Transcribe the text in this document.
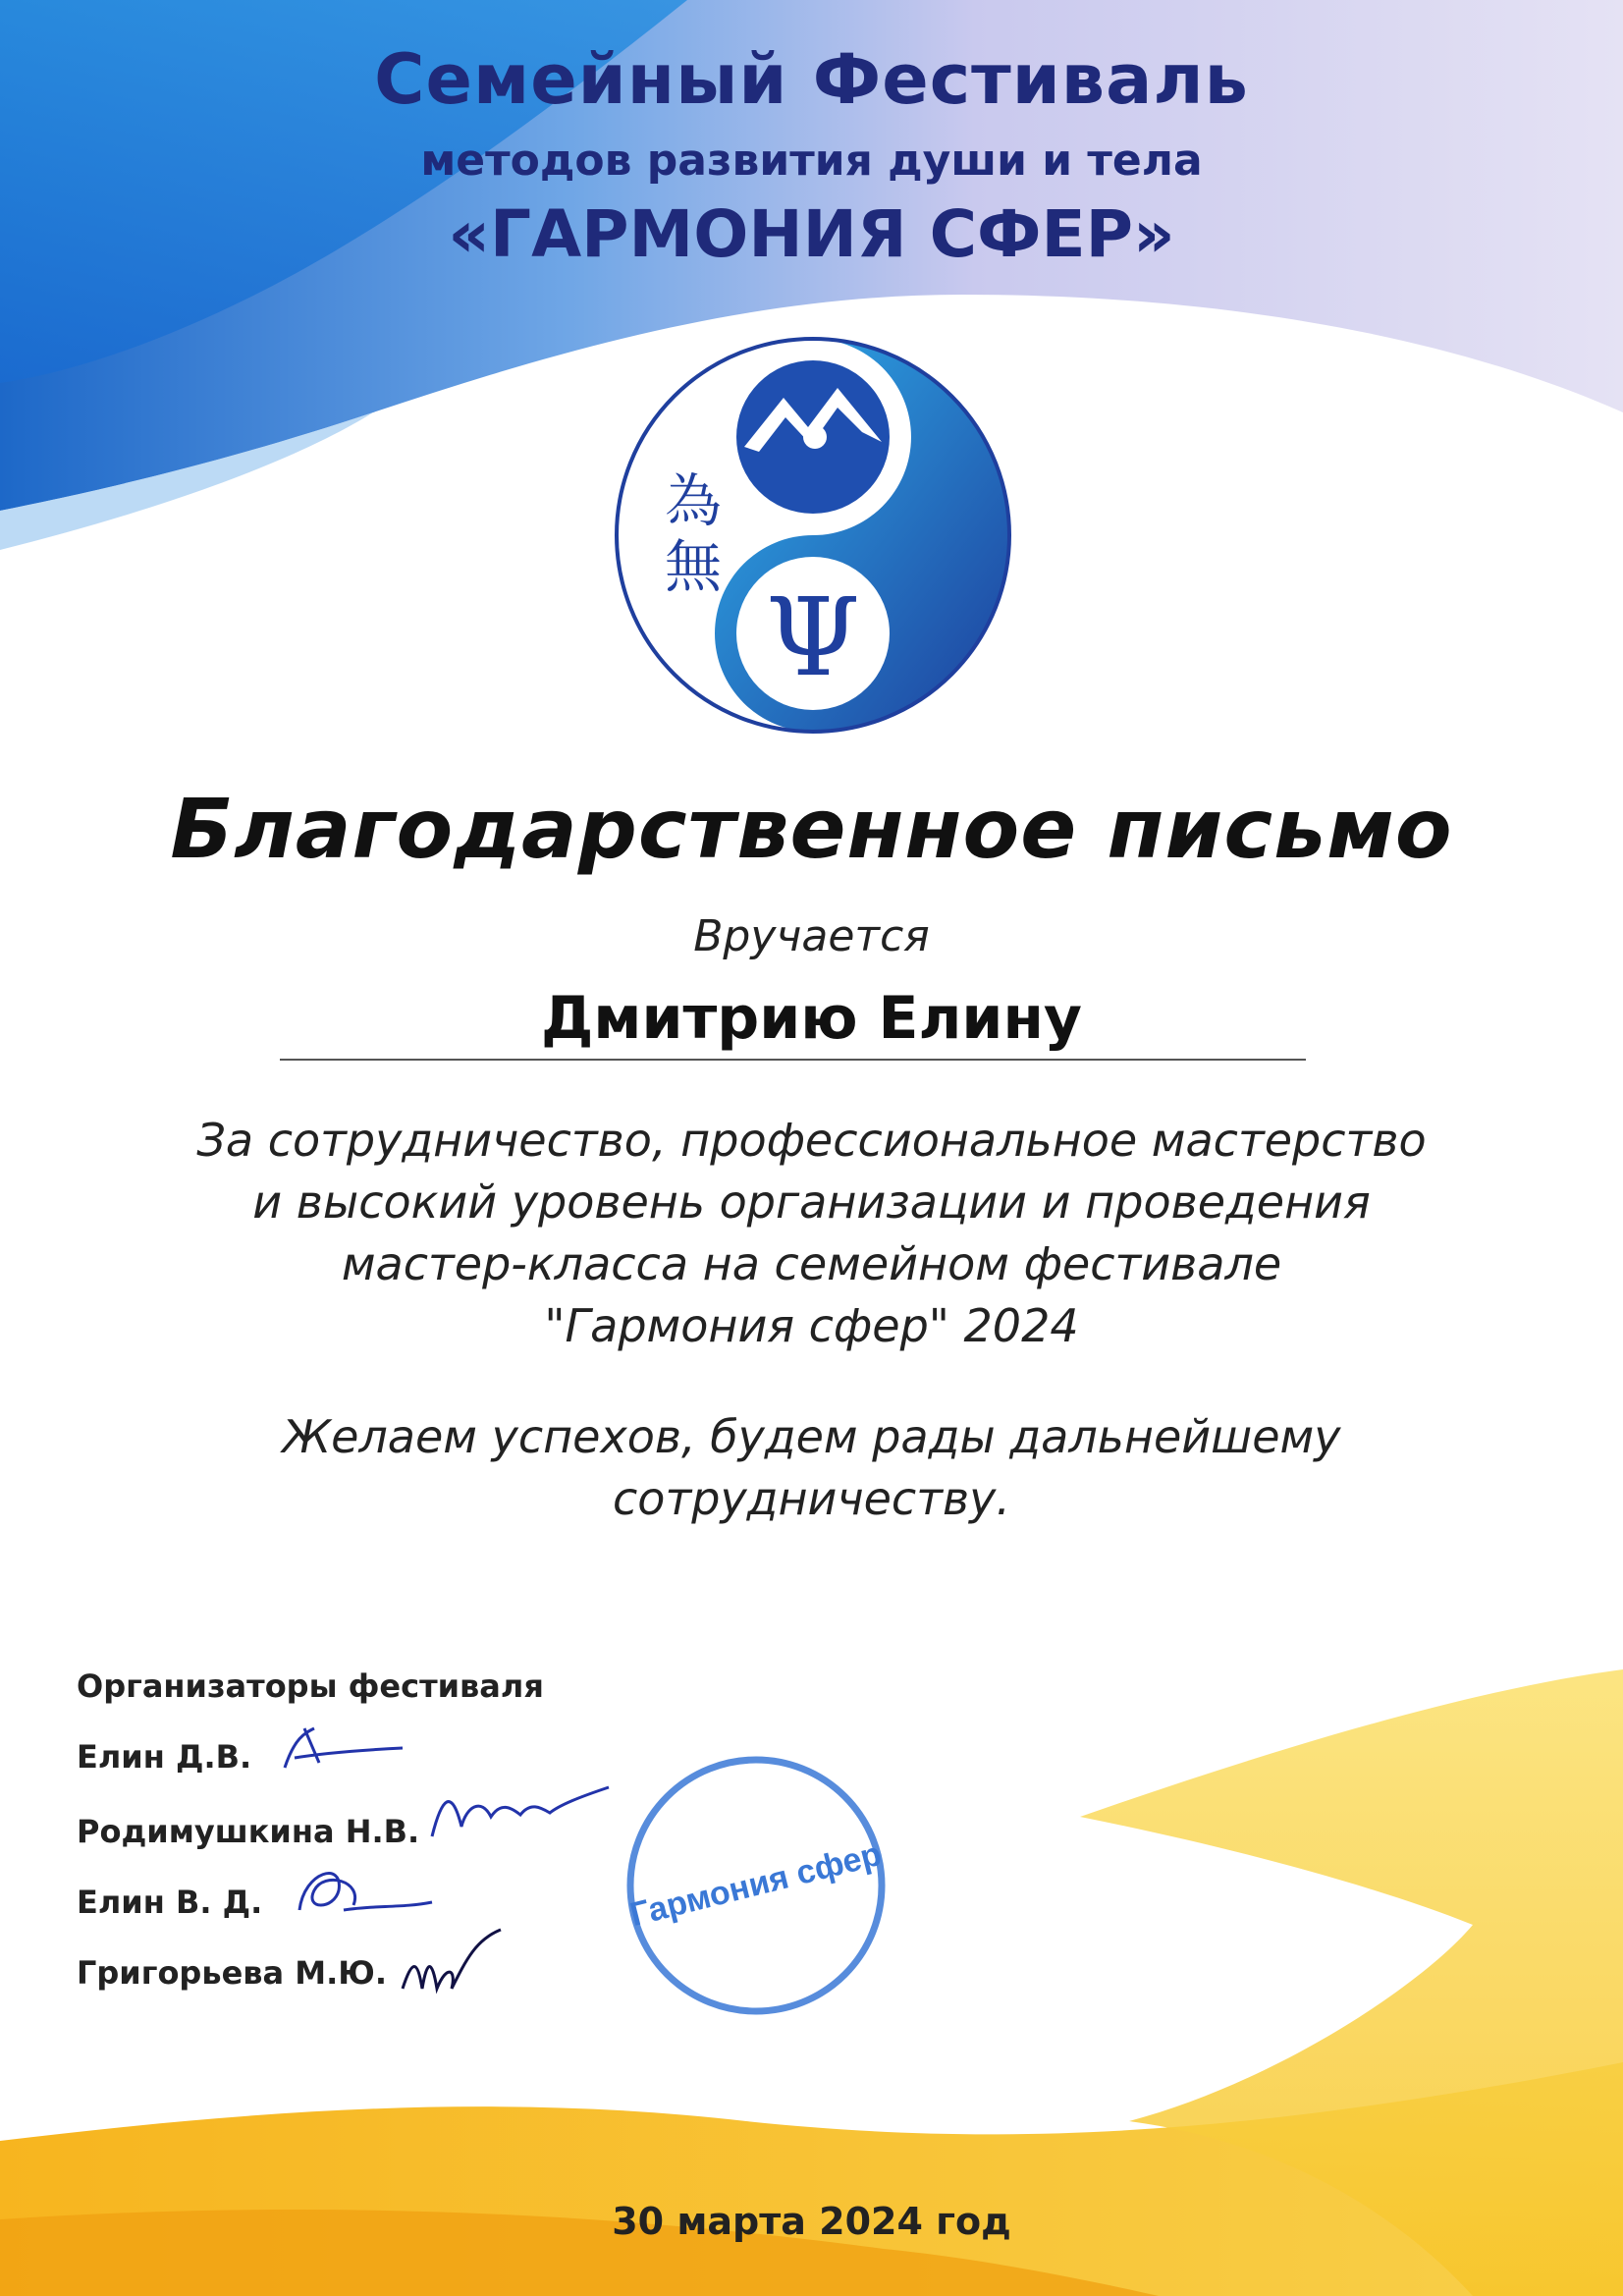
Семейный Фестиваль
методов развития души и тела
«ГАРМОНИЯ СФЕР»
Ψ
為
無
Благодарственное письмо
Вручается
Дмитрию Елину
За сотрудничество, профессиональное мастерство
и высокий уровень организации и проведения
мастер-класса на семейном фестивале
"Гармония сфер" 2024
Желаем успехов, будем рады дальнейшему
сотрудничеству.
Организаторы фестиваля
Елин Д.В.
Родимушкина Н.В.
Елин В. Д.
Григорьева М.Ю.
Гармония сфер
30 марта 2024 год
